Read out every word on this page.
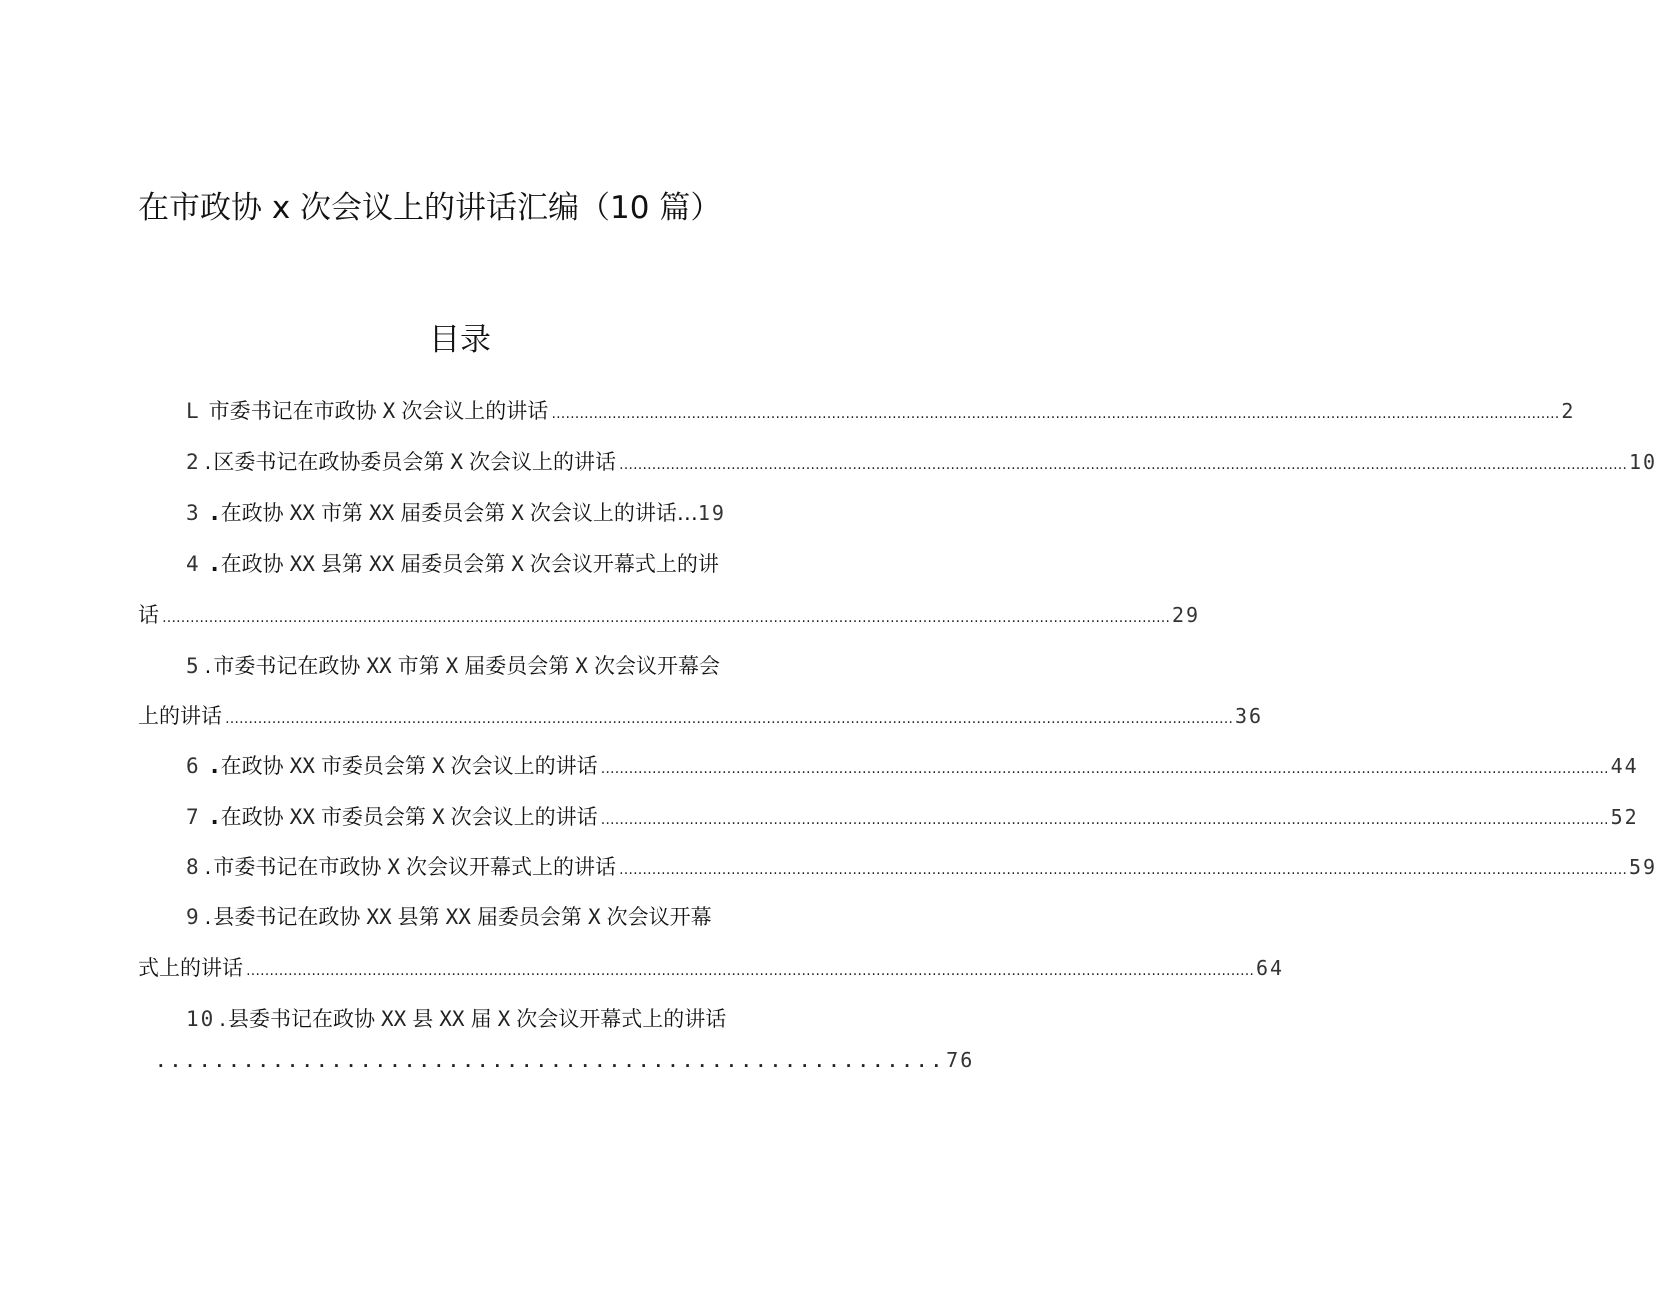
在市政协 x 次会议上的讲话汇编（10 篇）
目录
L 市委书记在市政协 X 次会议上的讲话 ……………………………………………………………………………………………………………………………………………………………………………………………… 2
2 . 区委书记在政协委员会第 X 次会议上的讲话 ……………………………………………………………………………………………………………………………………………………………………………………………… 10
3 . 在政协 XX 市第 XX 届委员会第 X 次会议上的讲话… 19
4 . 在政协 XX 县第 XX 届委员会第 X 次会议开幕式上的讲
话 ……………………………………………………………………………………………………………………………………………………………………………………………… 29
5 . 市委书记在政协 XX 市第 X 届委员会第 X 次会议开幕会
上的讲话 ……………………………………………………………………………………………………………………………………………………………………………………………… 36
6 . 在政协 XX 市委员会第 X 次会议上的讲话 ……………………………………………………………………………………………………………………………………………………………………………………………… 44
7 . 在政协 XX 市委员会第 X 次会议上的讲话 ……………………………………………………………………………………………………………………………………………………………………………………………… 52
8 . 市委书记在市政协 X 次会议开幕式上的讲话 ……………………………………………………………………………………………………………………………………………………………………………………………… 59
9 . 县委书记在政协 XX 县第 XX 届委员会第 X 次会议开幕
式上的讲话 ……………………………………………………………………………………………………………………………………………………………………………………………… 64
10 . 县委书记在政协 XX 县 XX 届 X 次会议开幕式上的讲话
...................................................... 76
